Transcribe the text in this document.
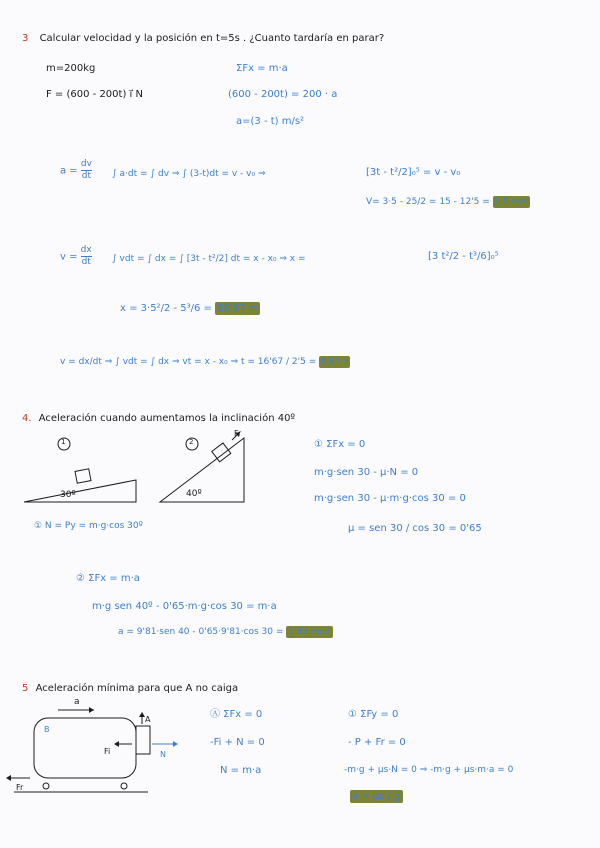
3 Calcular velocidad y la posición en t=5s . ¿Cuanto tardaría en parar?
m=200kg
F = (600 - 200t) i⃗ N
ΣFx = m·a
(600 - 200t) = 200 · a
a=(3 - t) m/s²
$a = \frac{dv}{dt}$ ∫ a·dt = ∫ dv ⇒ ∫ (3-t)dt = v - v₀ ⇒	[3t - t²/2]₀⁵ = v - v₀
V= 3·5 - 25/2 = 15 - 12'5 = 2'5 m/s
$v = \frac{dx}{dt}$ ∫ vdt = ∫ dx = ∫ [3t - t²/2] dt = x - x₀ ⇒ x =	[3 t²/2 - t³/6]₀⁵
x = 3·5²/2 - 5³/6 = 16'67 m
v = dx/dt ⇒ ∫ vdt = ∫ dx ⇒ vt = x - x₀ ⇒ t = 16'67 / 2'5 = 6'67 s
4. Aceleración cuando aumentamos la inclinación 40º
1	2
30º	40º
Fr
① N = Py = m·g·cos 30º
① ΣFx = 0
m·g·sen 30 - μ·N = 0
m·g·sen 30 - μ·m·g·cos 30 = 0
μ = sen 30 / cos 30 = 0'65
② ΣFx = m·a
m·g sen 40º - 0'65·m·g·cos 30 = m·a
a = 9'81·sen 40 - 0'65·9'81·cos 30 = 1'42 m/s²
5 Aceleración mínima para que A no caiga
a
A
Fi	N
Fr
B
Ⓐ ΣFx = 0
-Fi + N = 0
N = m·a
① ΣFy = 0
- P + Fr = 0
-m·g + μs·N = 0 ⇒ -m·g + μs·m·a = 0
a = μs / g
